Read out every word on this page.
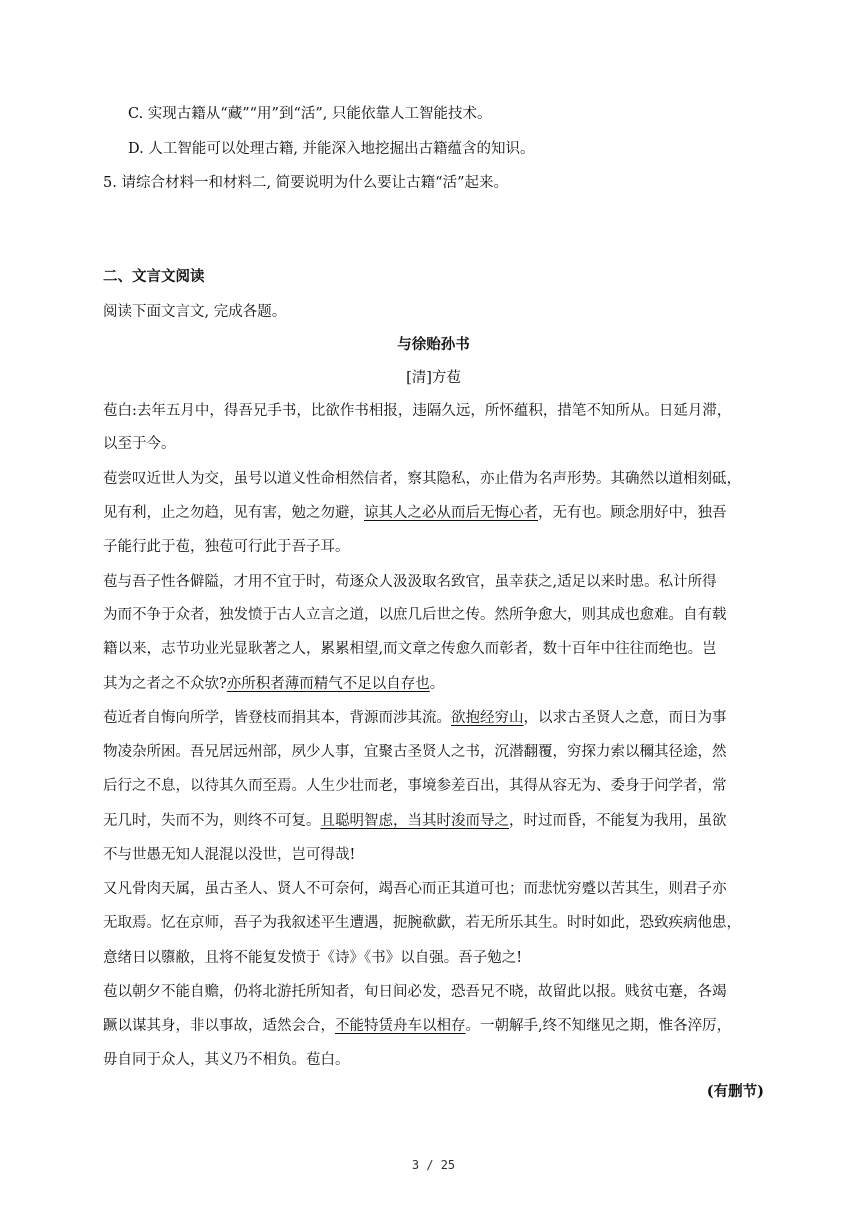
C. 实现古籍从“藏”“用”到“活”, 只能依靠人工智能技术。
D. 人工智能可以处理古籍, 并能深入地挖掘出古籍蕴含的知识。
5. 请综合材料一和材料二, 简要说明为什么要让古籍“活”起来。
二、文言文阅读
阅读下面文言文, 完成各题。
与徐贻孙书
[清]方苞
苞白:去年五月中，得吾兄手书，比欲作书相报，违隔久远，所怀蕴积，措笔不知所从。日延月滞，
以至于今。
苞尝叹近世人为交，虽号以道义性命相然信者，察其隐私，亦止借为名声形势。其确然以道相刻砥，
见有利，止之勿趋，见有害，勉之勿避，谅其人之必从而后无悔心者，无有也。顾念朋好中，独吾
子能行此于苞，独苞可行此于吾子耳。
苞与吾子性各僻隘，才用不宜于时，苟逐众人汲汲取名致官，虽幸获之,适足以来时患。私计所得
为而不争于众者，独发愤于古人立言之道，以庶几后世之传。然所争愈大，则其成也愈难。自有载
籍以来，志节功业光显耿著之人，累累相望,而文章之传愈久而彰者，数十百年中往往而绝也。岂
其为之者之不众欤?亦所积者薄而精气不足以自存也。
苞近者自悔向所学，皆登枝而捐其本，背源而涉其流。欲抱经穷山，以求古圣贤人之意，而日为事
物凌杂所困。吾兄居远州部，夙少人事，宜聚古圣贤人之书，沉潜翻覆，穷探力索以穪其径途，然
后行之不息，以待其久而至焉。人生少壮而老，事境参差百出，其得从容无为、委身于问学者，常
无几时，失而不为，则终不可复。且聪明智虑，当其时浚而导之，时过而昏，不能复为我用，虽欲
不与世愚无知人混混以没世，岂可得哉!
又凡骨肉天属，虽古圣人、贤人不可奈何，竭吾心而正其道可也；而悲忧穷蹙以苦其生，则君子亦
无取焉。忆在京师，吾子为我叙述平生遭遇，扼腕欷歔，若无所乐其生。时时如此，恐致疾病他患，
意绪日以隳敝，且将不能复发愤于《诗》《书》以自强。吾子勉之!
苞以朝夕不能自赡，仍将北游托所知者，旬日间必发，恐吾兄不晓，故留此以报。贱贫屯蹇，各竭
蹶以谋其身，非以事故，适然会合，不能特赁舟车以相存。一朝解手,终不知继见之期，惟各淬厉，
毋自同于众人，其义乃不相负。苞白。
(有删节)
3 / 25
